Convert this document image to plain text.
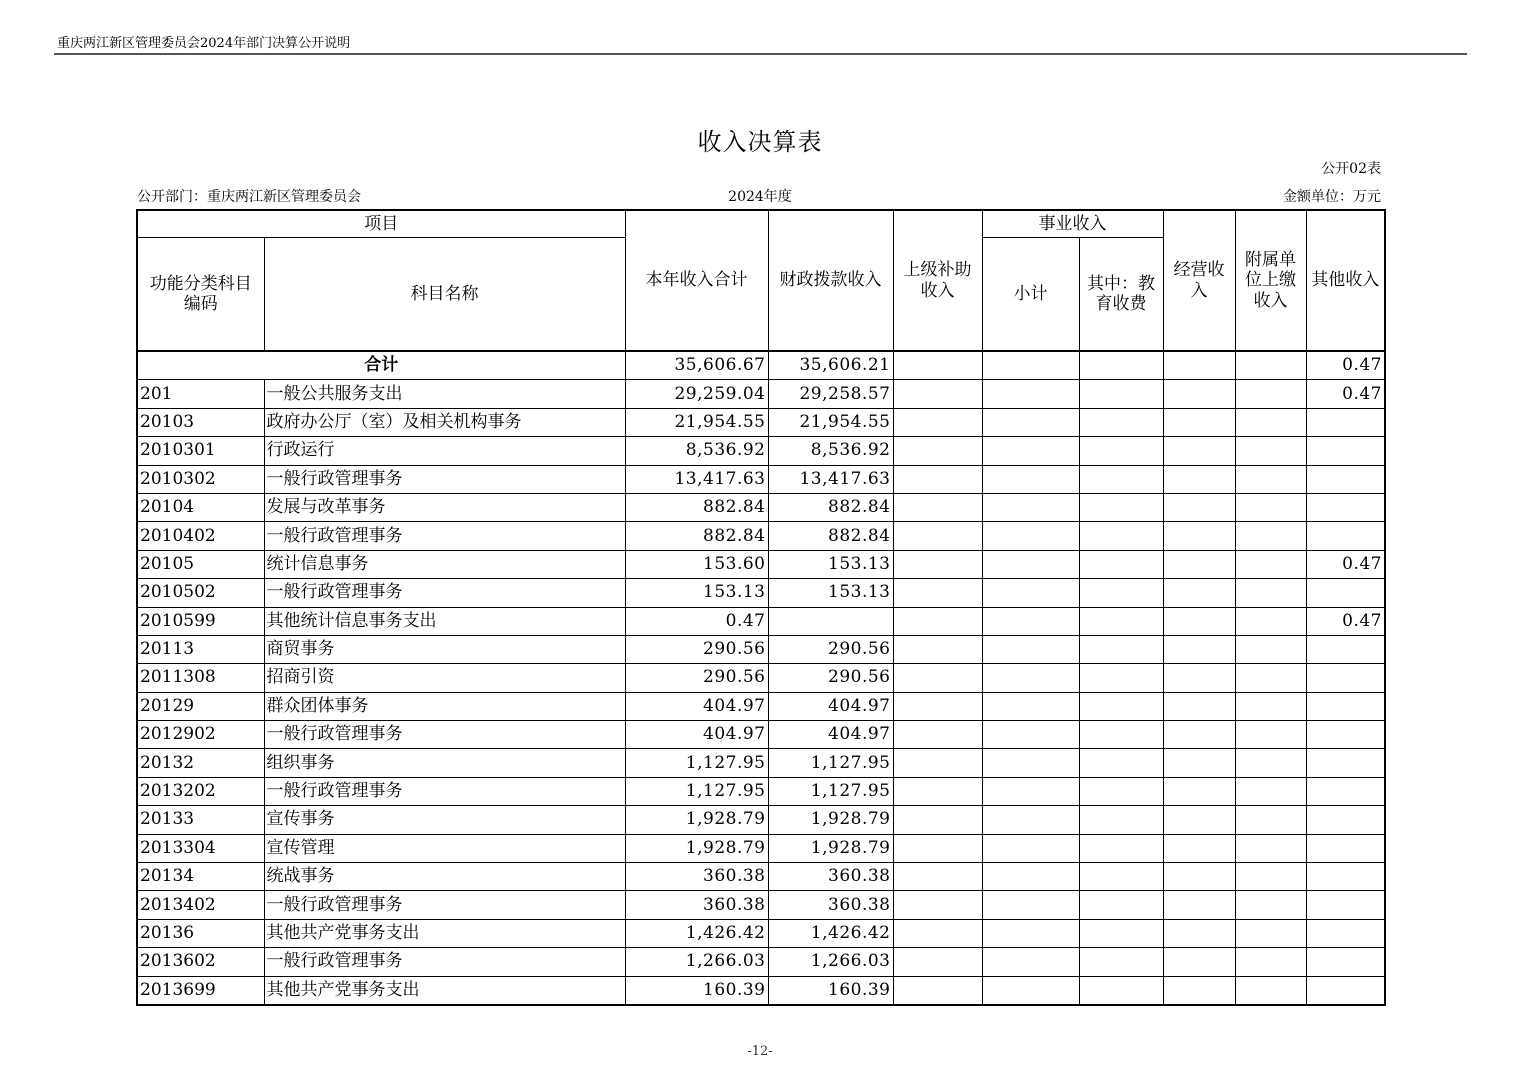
重庆两江新区管理委员会2024年部门决算公开说明
收入决算表
公开02表
公开部门：重庆两江新区管理委员会	2024年度	金额单位：万元
项目		本年收入合计	财政拨款收入	上级补助收入	事业收入		经营收入	附属单位上缴收入	其他收入
功能分类科目编码	科目名称				小计	其中：教育收费			
合计		35,606.67	35,606.21						0.47
201	一般公共服务支出	29,259.04	29,258.57						0.47
20103	政府办公厅（室）及相关机构事务	21,954.55	21,954.55						
2010301	行政运行	8,536.92	8,536.92						
2010302	一般行政管理事务	13,417.63	13,417.63						
20104	发展与改革事务	882.84	882.84						
2010402	一般行政管理事务	882.84	882.84						
20105	统计信息事务	153.60	153.13						0.47
2010502	一般行政管理事务	153.13	153.13						
2010599	其他统计信息事务支出	0.47							0.47
20113	商贸事务	290.56	290.56						
2011308	招商引资	290.56	290.56						
20129	群众团体事务	404.97	404.97						
2012902	一般行政管理事务	404.97	404.97						
20132	组织事务	1,127.95	1,127.95						
2013202	一般行政管理事务	1,127.95	1,127.95						
20133	宣传事务	1,928.79	1,928.79						
2013304	宣传管理	1,928.79	1,928.79						
20134	统战事务	360.38	360.38						
2013402	一般行政管理事务	360.38	360.38						
20136	其他共产党事务支出	1,426.42	1,426.42						
2013602	一般行政管理事务	1,266.03	1,266.03						
2013699	其他共产党事务支出	160.39	160.39						
-12-
